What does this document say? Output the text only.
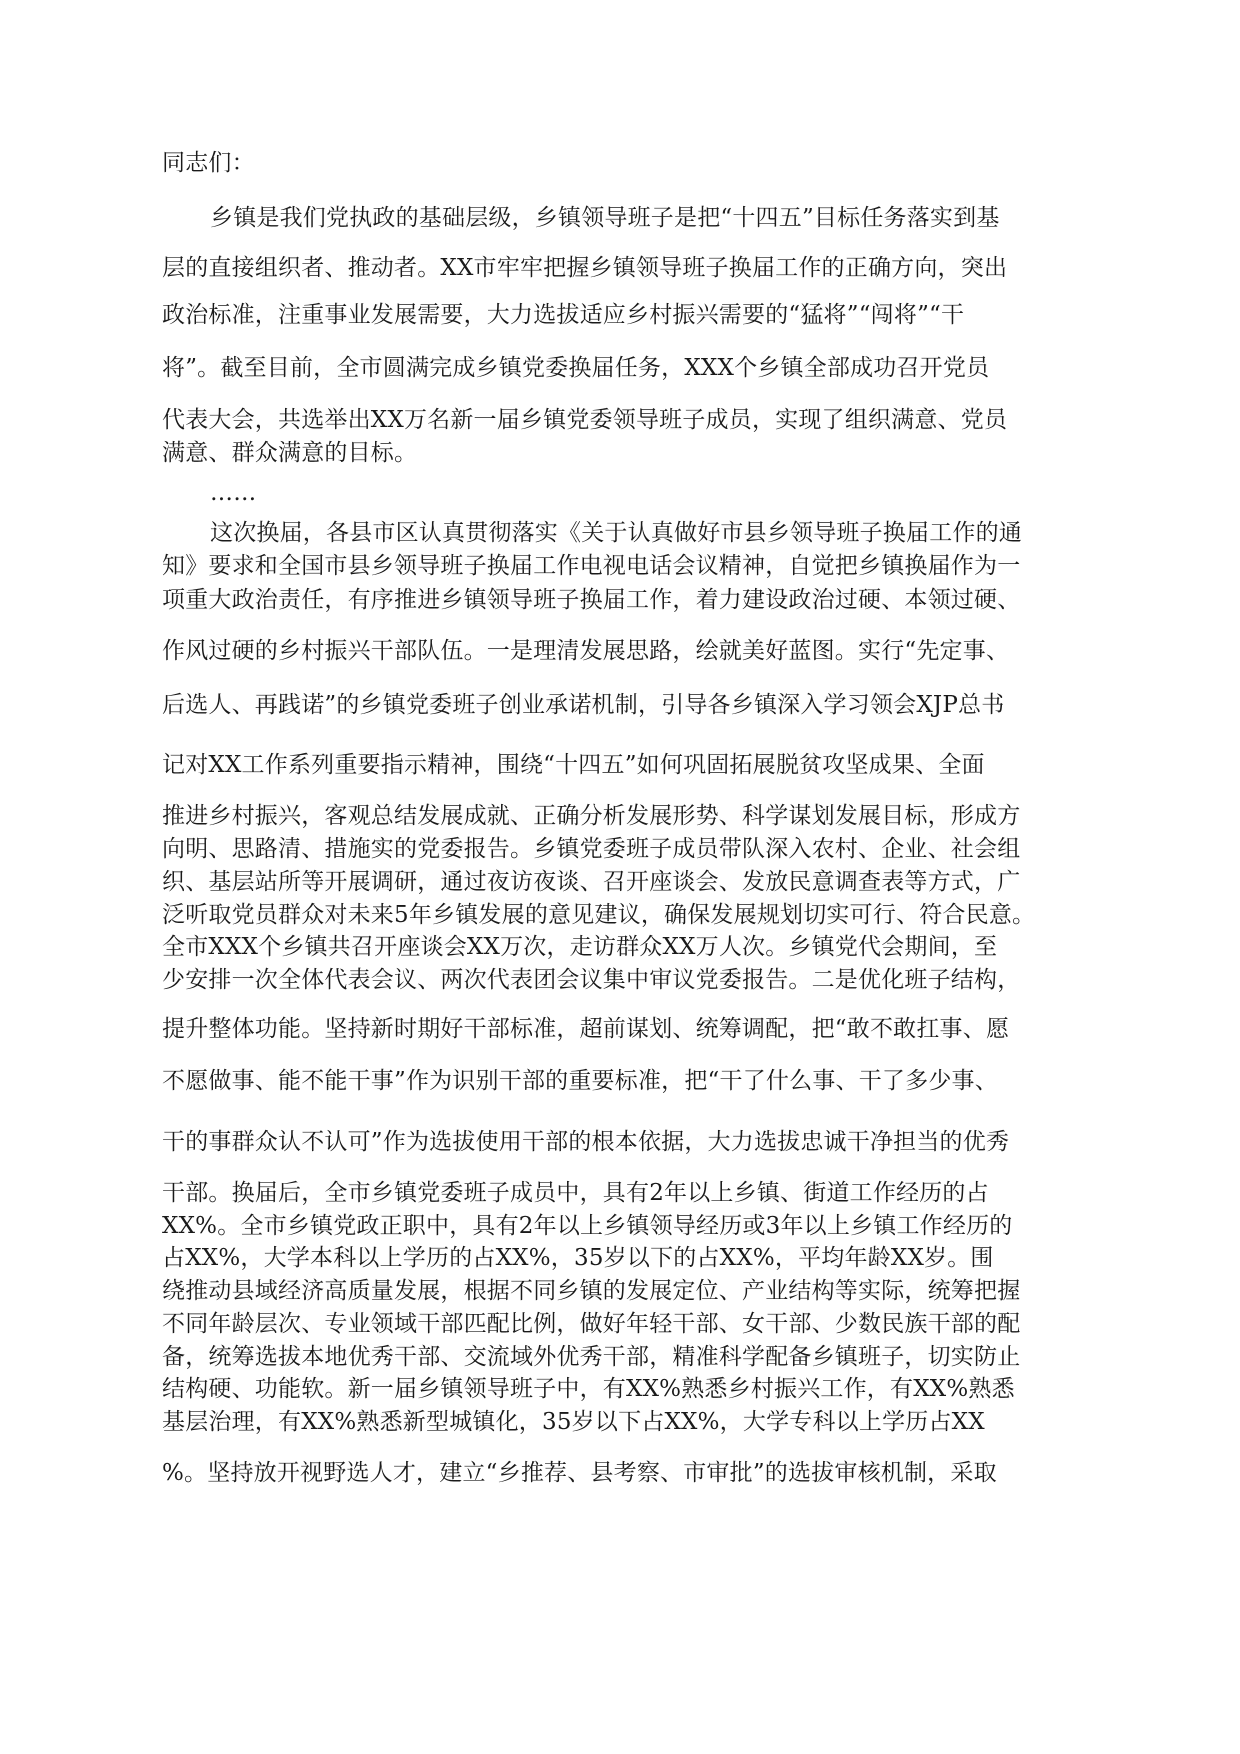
同志们：
乡镇是我们党执政的基础层级，乡镇领导班子是把“十四五”目标任务落实到基
层的直接组织者、推动者。XX市牢牢把握乡镇领导班子换届工作的正确方向，突出
政治标准，注重事业发展需要，大力选拔适应乡村振兴需要的“猛将”“闯将”“干
将”。截至目前，全市圆满完成乡镇党委换届任务，XXX个乡镇全部成功召开党员
代表大会，共选举出XX万名新一届乡镇党委领导班子成员，实现了组织满意、党员
满意、群众满意的目标。
……
这次换届，各县市区认真贯彻落实《关于认真做好市县乡领导班子换届工作的通
知》要求和全国市县乡领导班子换届工作电视电话会议精神，自觉把乡镇换届作为一
项重大政治责任，有序推进乡镇领导班子换届工作，着力建设政治过硬、本领过硬、
作风过硬的乡村振兴干部队伍。一是理清发展思路，绘就美好蓝图。实行“先定事、
后选人、再践诺”的乡镇党委班子创业承诺机制，引导各乡镇深入学习领会XJP总书
记对XX工作系列重要指示精神，围绕“十四五”如何巩固拓展脱贫攻坚成果、全面
推进乡村振兴，客观总结发展成就、正确分析发展形势、科学谋划发展目标，形成方
向明、思路清、措施实的党委报告。乡镇党委班子成员带队深入农村、企业、社会组
织、基层站所等开展调研，通过夜访夜谈、召开座谈会、发放民意调查表等方式，广
泛听取党员群众对未来5年乡镇发展的意见建议，确保发展规划切实可行、符合民意。
全市XXX个乡镇共召开座谈会XX万次，走访群众XX万人次。乡镇党代会期间，至
少安排一次全体代表会议、两次代表团会议集中审议党委报告。二是优化班子结构，
提升整体功能。坚持新时期好干部标准，超前谋划、统筹调配，把“敢不敢扛事、愿
不愿做事、能不能干事”作为识别干部的重要标准，把“干了什么事、干了多少事、
干的事群众认不认可”作为选拔使用干部的根本依据，大力选拔忠诚干净担当的优秀
干部。换届后，全市乡镇党委班子成员中，具有2年以上乡镇、街道工作经历的占
XX%。全市乡镇党政正职中，具有2年以上乡镇领导经历或3年以上乡镇工作经历的
占XX%，大学本科以上学历的占XX%，35岁以下的占XX%，平均年龄XX岁。围
绕推动县域经济高质量发展，根据不同乡镇的发展定位、产业结构等实际，统筹把握
不同年龄层次、专业领域干部匹配比例，做好年轻干部、女干部、少数民族干部的配
备，统筹选拔本地优秀干部、交流域外优秀干部，精准科学配备乡镇班子，切实防止
结构硬、功能软。新一届乡镇领导班子中，有XX%熟悉乡村振兴工作，有XX%熟悉
基层治理，有XX%熟悉新型城镇化，35岁以下占XX%，大学专科以上学历占XX
%。坚持放开视野选人才，建立“乡推荐、县考察、市审批”的选拔审核机制，采取
